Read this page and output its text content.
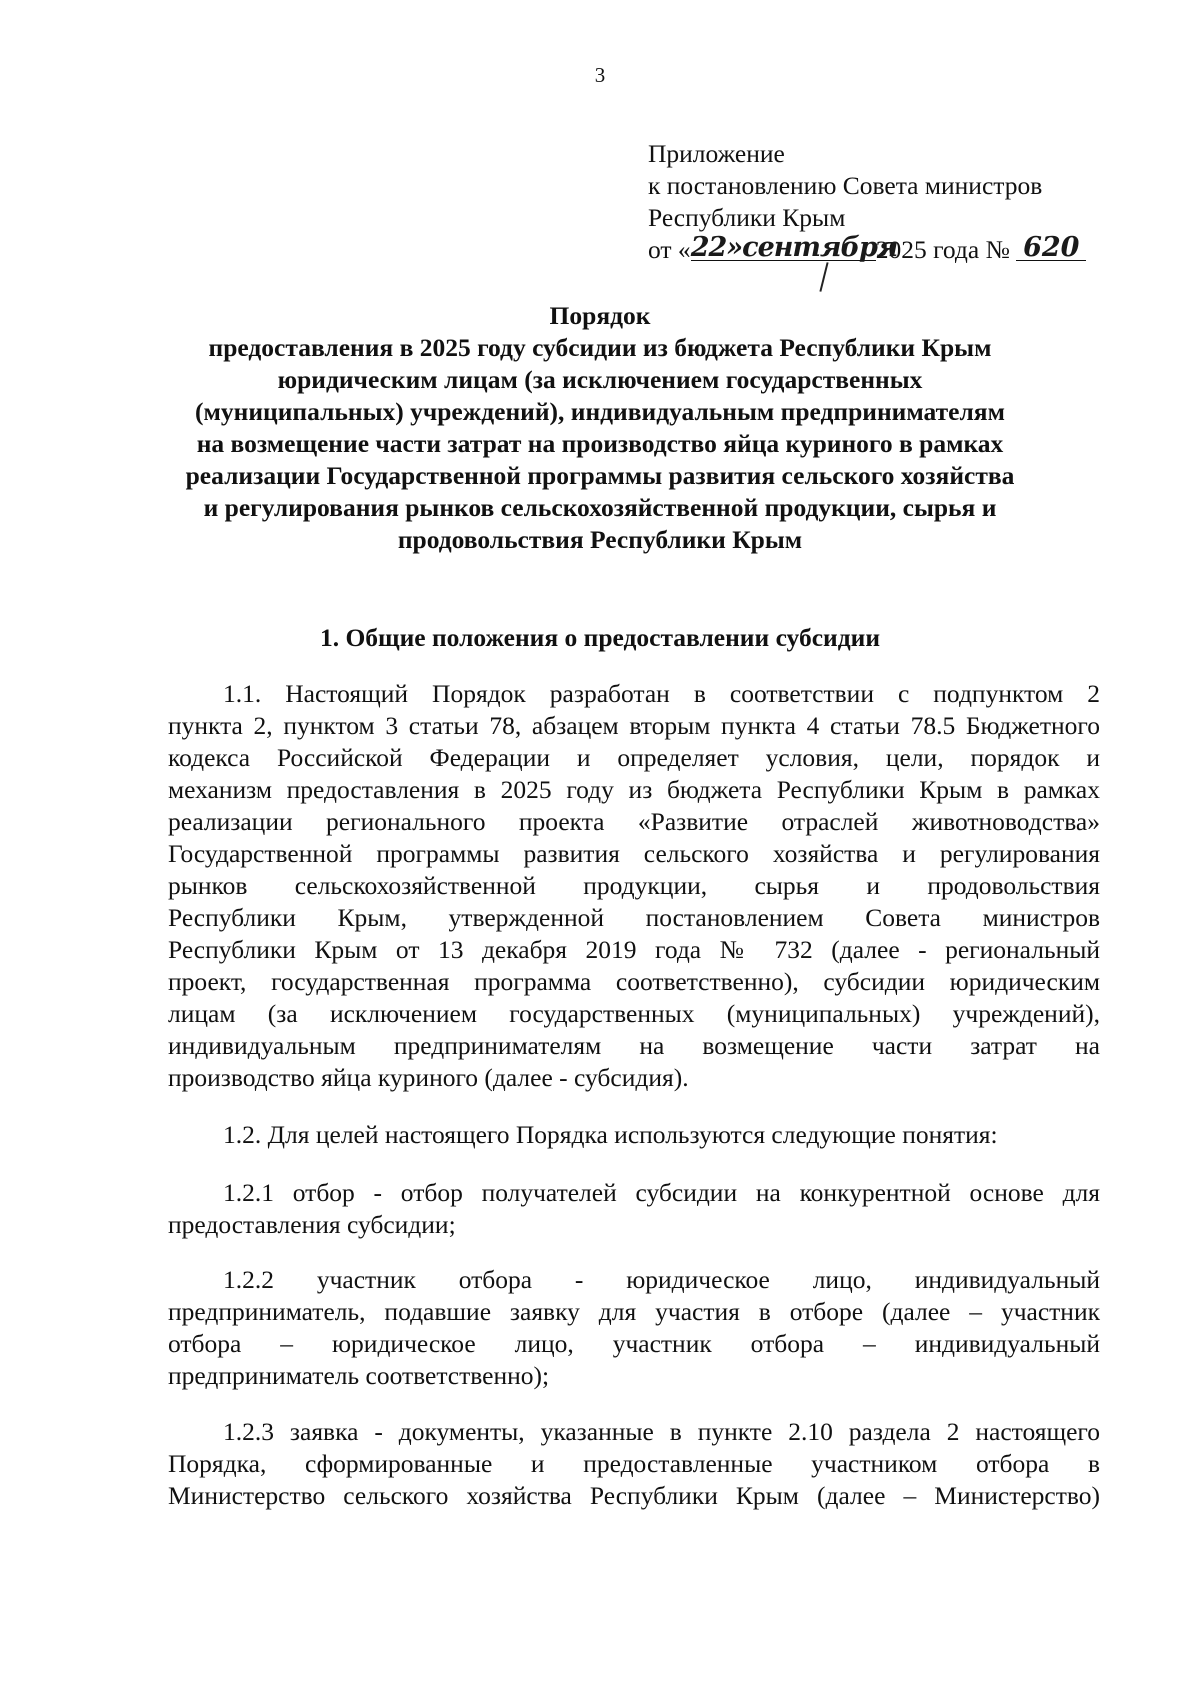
3
Приложение
к постановлению Совета министров
Республики Крым
от «22»сентября2025 года № 620
Порядок
предоставления в 2025 году субсидии из бюджета Республики Крым
юридическим лицам (за исключением государственных
(муниципальных) учреждений), индивидуальным предпринимателям
на возмещение части затрат на производство яйца куриного в рамках
реализации Государственной программы развития сельского хозяйства
и регулирования рынков сельскохозяйственной продукции, сырья и
продовольствия Республики Крым
1. Общие положения о предоставлении субсидии
1.1. Настоящий Порядок разработан в соответствии с подпунктом 2
пункта 2, пунктом 3 статьи 78, абзацем вторым пункта 4 статьи 78.5 Бюджетного
кодекса Российской Федерации и определяет условия, цели, порядок и
механизм предоставления в 2025 году из бюджета Республики Крым в рамках
реализации регионального проекта «Развитие отраслей животноводства»
Государственной программы развития сельского хозяйства и регулирования
рынков сельскохозяйственной продукции, сырья и продовольствия
Республики Крым, утвержденной постановлением Совета министров
Республики Крым от 13 декабря 2019 года № 732 (далее - региональный
проект, государственная программа соответственно), субсидии юридическим
лицам (за исключением государственных (муниципальных) учреждений),
индивидуальным предпринимателям на возмещение части затрат на
производство яйца куриного (далее - субсидия).
1.2. Для целей настоящего Порядка используются следующие понятия:
1.2.1 отбор - отбор получателей субсидии на конкурентной основе для
предоставления субсидии;
1.2.2 участник отбора - юридическое лицо, индивидуальный
предприниматель, подавшие заявку для участия в отборе (далее – участник
отбора – юридическое лицо, участник отбора – индивидуальный
предприниматель соответственно);
1.2.3 заявка - документы, указанные в пункте 2.10 раздела 2 настоящего
Порядка, сформированные и предоставленные участником отбора в
Министерство сельского хозяйства Республики Крым (далее – Министерство)
